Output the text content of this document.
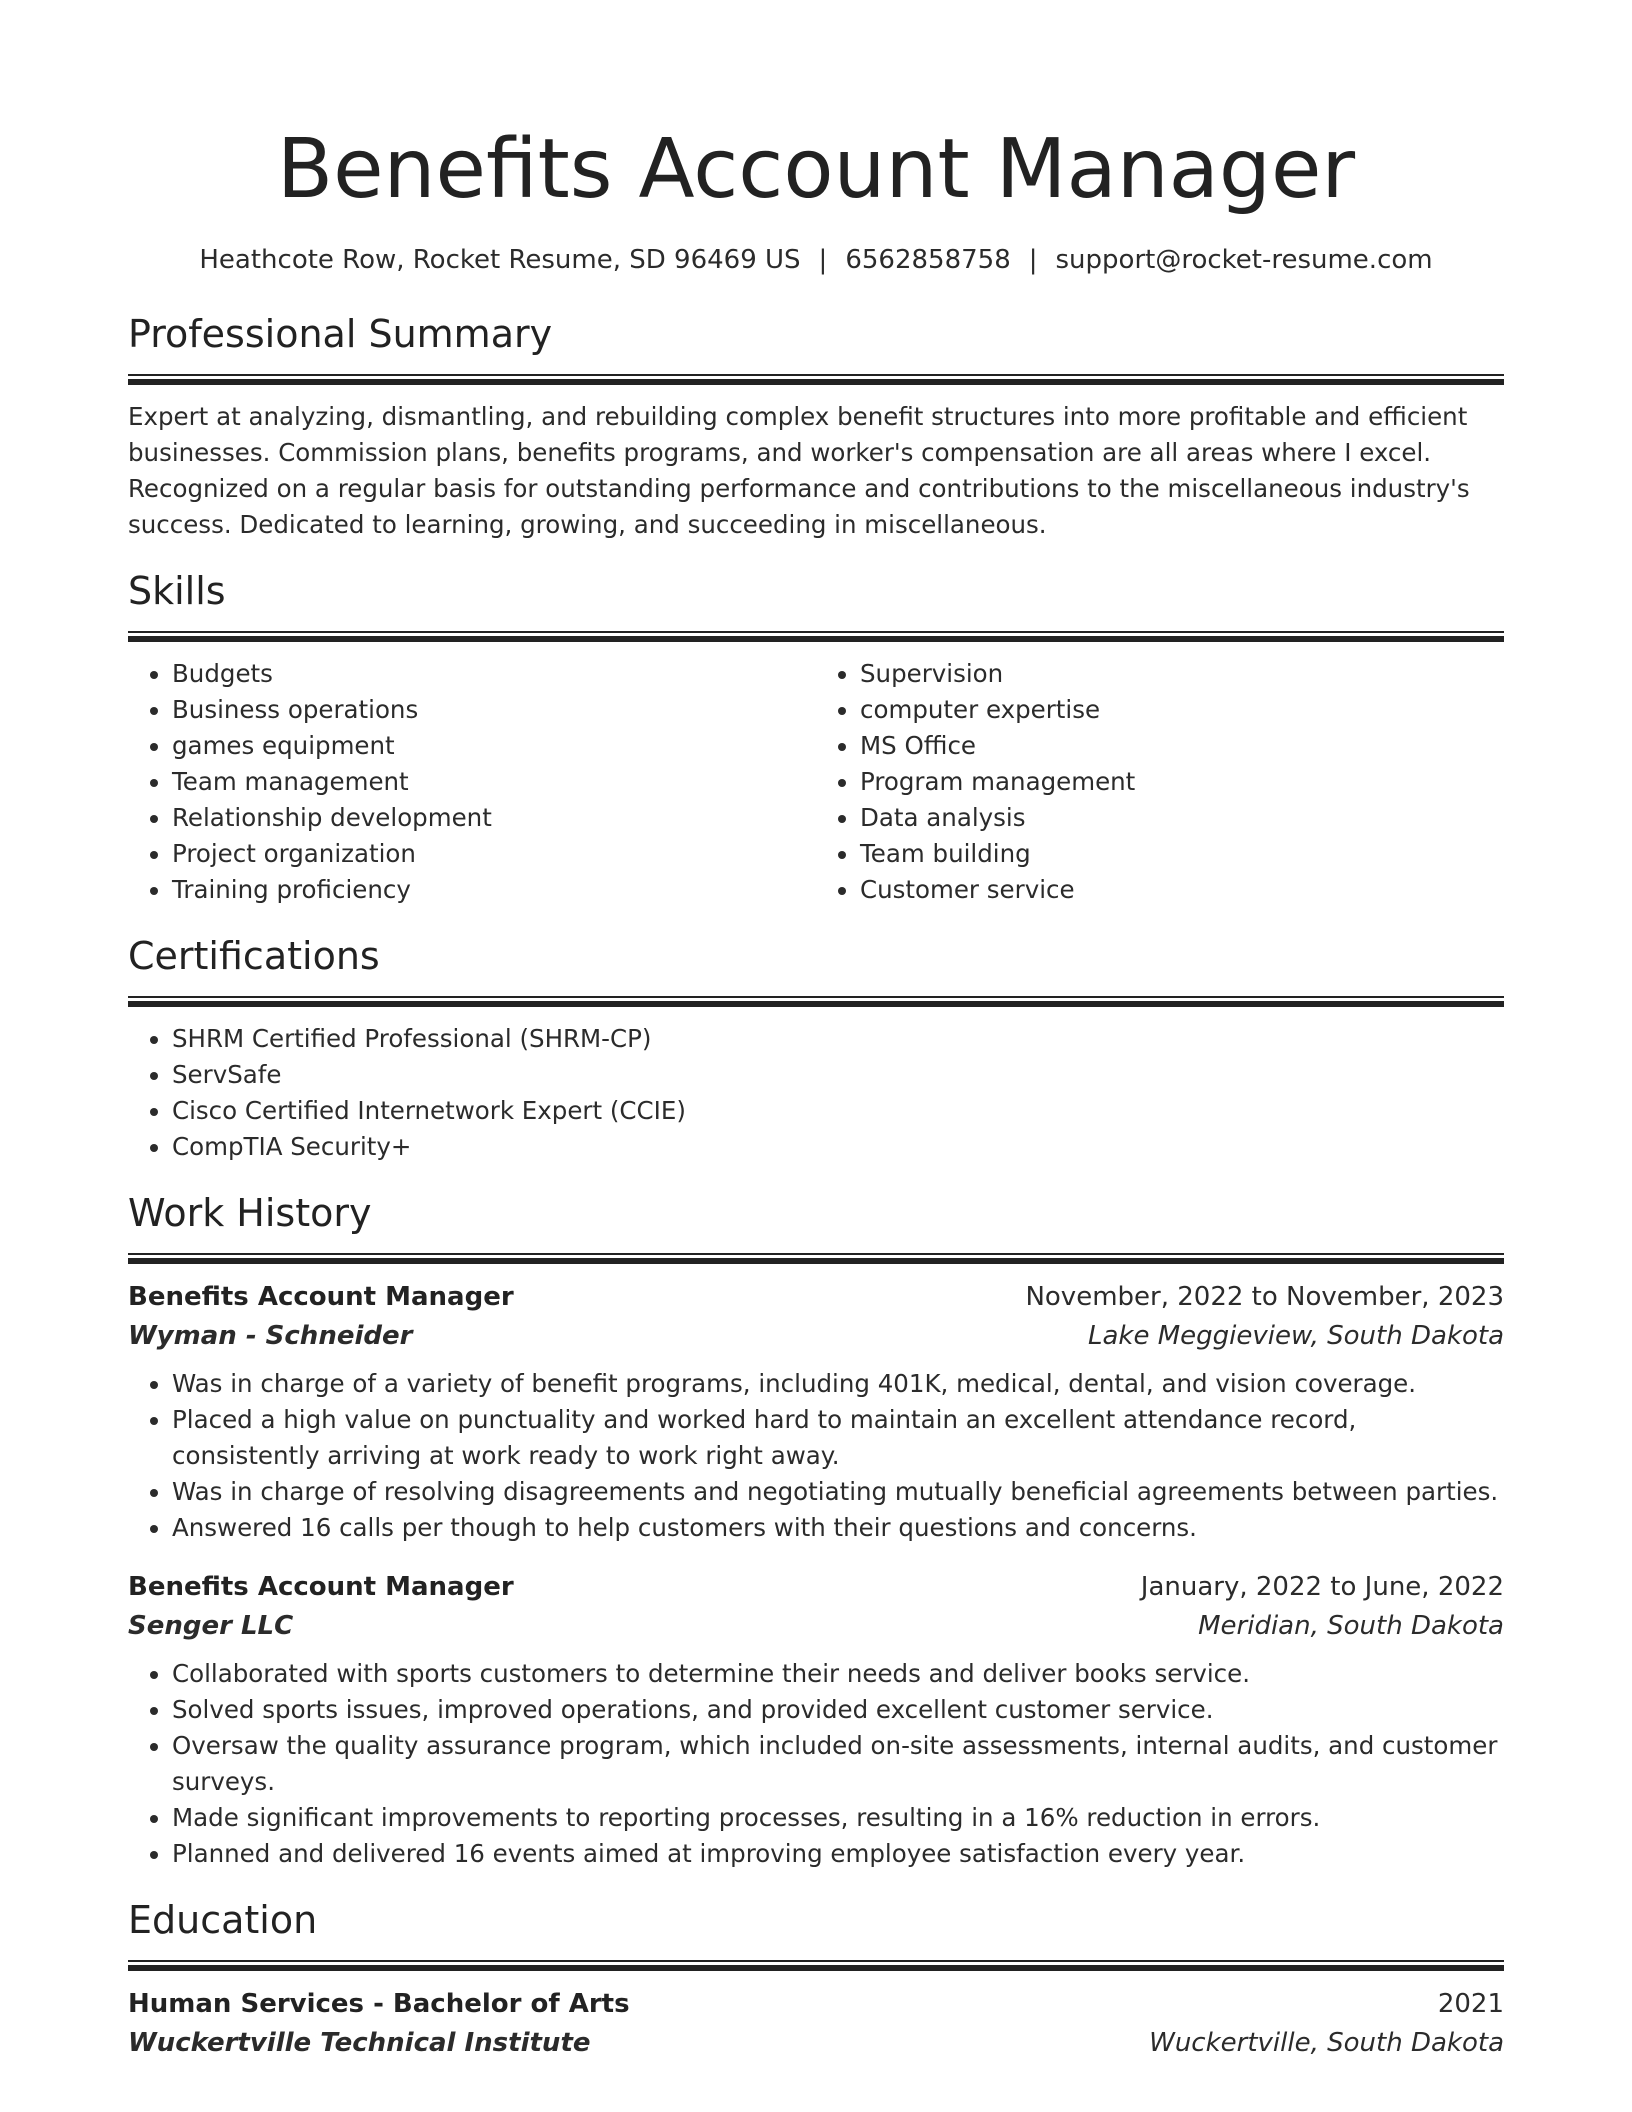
Benefits Account Manager
Heathcote Row, Rocket Resume, SD 96469 US | 6562858758 | support@rocket-resume.com
Professional Summary

Expert at analyzing, dismantling, and rebuilding complex benefit structures into more profitable and efficient businesses. Commission plans, benefits programs, and worker's compensation are all areas where I excel. Recognized on a regular basis for outstanding performance and contributions to the miscellaneous industry's success. Dedicated to learning, growing, and succeeding in miscellaneous.

Skills
• Budgets
• Business operations
• games equipment
• Team management
• Relationship development
• Project organization
• Training proficiency
• Supervision
• computer expertise
• MS Office
• Program management
• Data analysis
• Team building
• Customer service
Certifications
• SHRM Certified Professional (SHRM-CP)
• ServSafe
• Cisco Certified Internetwork Expert (CCIE)
• CompTIA Security+
Work History
Benefits Account Manager	November, 2022 to November, 2023
Wyman - Schneider	Lake Meggieview, South Dakota
• Was in charge of a variety of benefit programs, including 401K, medical, dental, and vision coverage.
• Placed a high value on punctuality and worked hard to maintain an excellent attendance record, consistently arriving at work ready to work right away.
• Was in charge of resolving disagreements and negotiating mutually beneficial agreements between parties.
• Answered 16 calls per though to help customers with their questions and concerns.
Benefits Account Manager	January, 2022 to June, 2022
Senger LLC	Meridian, South Dakota
• Collaborated with sports customers to determine their needs and deliver books service.
• Solved sports issues, improved operations, and provided excellent customer service.
• Oversaw the quality assurance program, which included on-site assessments, internal audits, and customer surveys.
• Made significant improvements to reporting processes, resulting in a 16% reduction in errors.
• Planned and delivered 16 events aimed at improving employee satisfaction every year.
Education
Human Services - Bachelor of Arts	2021
Wuckertville Technical Institute	Wuckertville, South Dakota
